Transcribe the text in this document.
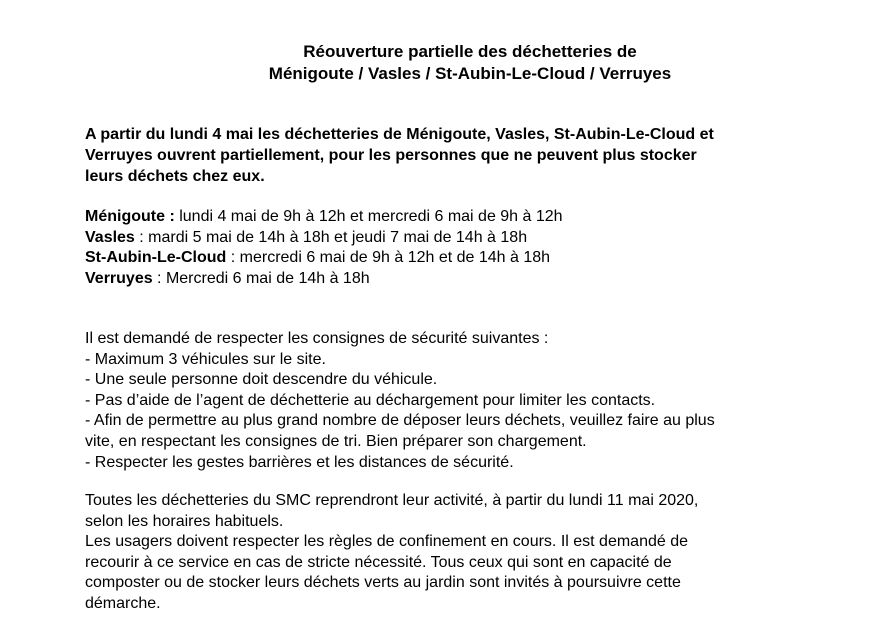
Réouverture partielle des déchetteries de
Ménigoute / Vasles / St-Aubin-Le-Cloud / Verruyes
A partir du lundi 4 mai les déchetteries de Ménigoute, Vasles, St-Aubin-Le-Cloud et
Verruyes ouvrent partiellement, pour les personnes que ne peuvent plus stocker
leurs déchets chez eux.
Ménigoute : lundi 4 mai de 9h à 12h et mercredi 6 mai de 9h à 12h
Vasles : mardi 5 mai de 14h à 18h et jeudi 7 mai de 14h à 18h
St-Aubin-Le-Cloud : mercredi 6 mai de 9h à 12h et de 14h à 18h
Verruyes : Mercredi 6 mai de 14h à 18h
Il est demandé de respecter les consignes de sécurité suivantes :
- Maximum 3 véhicules sur le site.
- Une seule personne doit descendre du véhicule.
- Pas d’aide de l’agent de déchetterie au déchargement pour limiter les contacts.
- Afin de permettre au plus grand nombre de déposer leurs déchets, veuillez faire au plus
vite, en respectant les consignes de tri. Bien préparer son chargement.
- Respecter les gestes barrières et les distances de sécurité.
Toutes les déchetteries du SMC reprendront leur activité, à partir du lundi 11 mai 2020,
selon les horaires habituels.
Les usagers doivent respecter les règles de confinement en cours. Il est demandé de
recourir à ce service en cas de stricte nécessité. Tous ceux qui sont en capacité de
composter ou de stocker leurs déchets verts au jardin sont invités à poursuivre cette
démarche.
